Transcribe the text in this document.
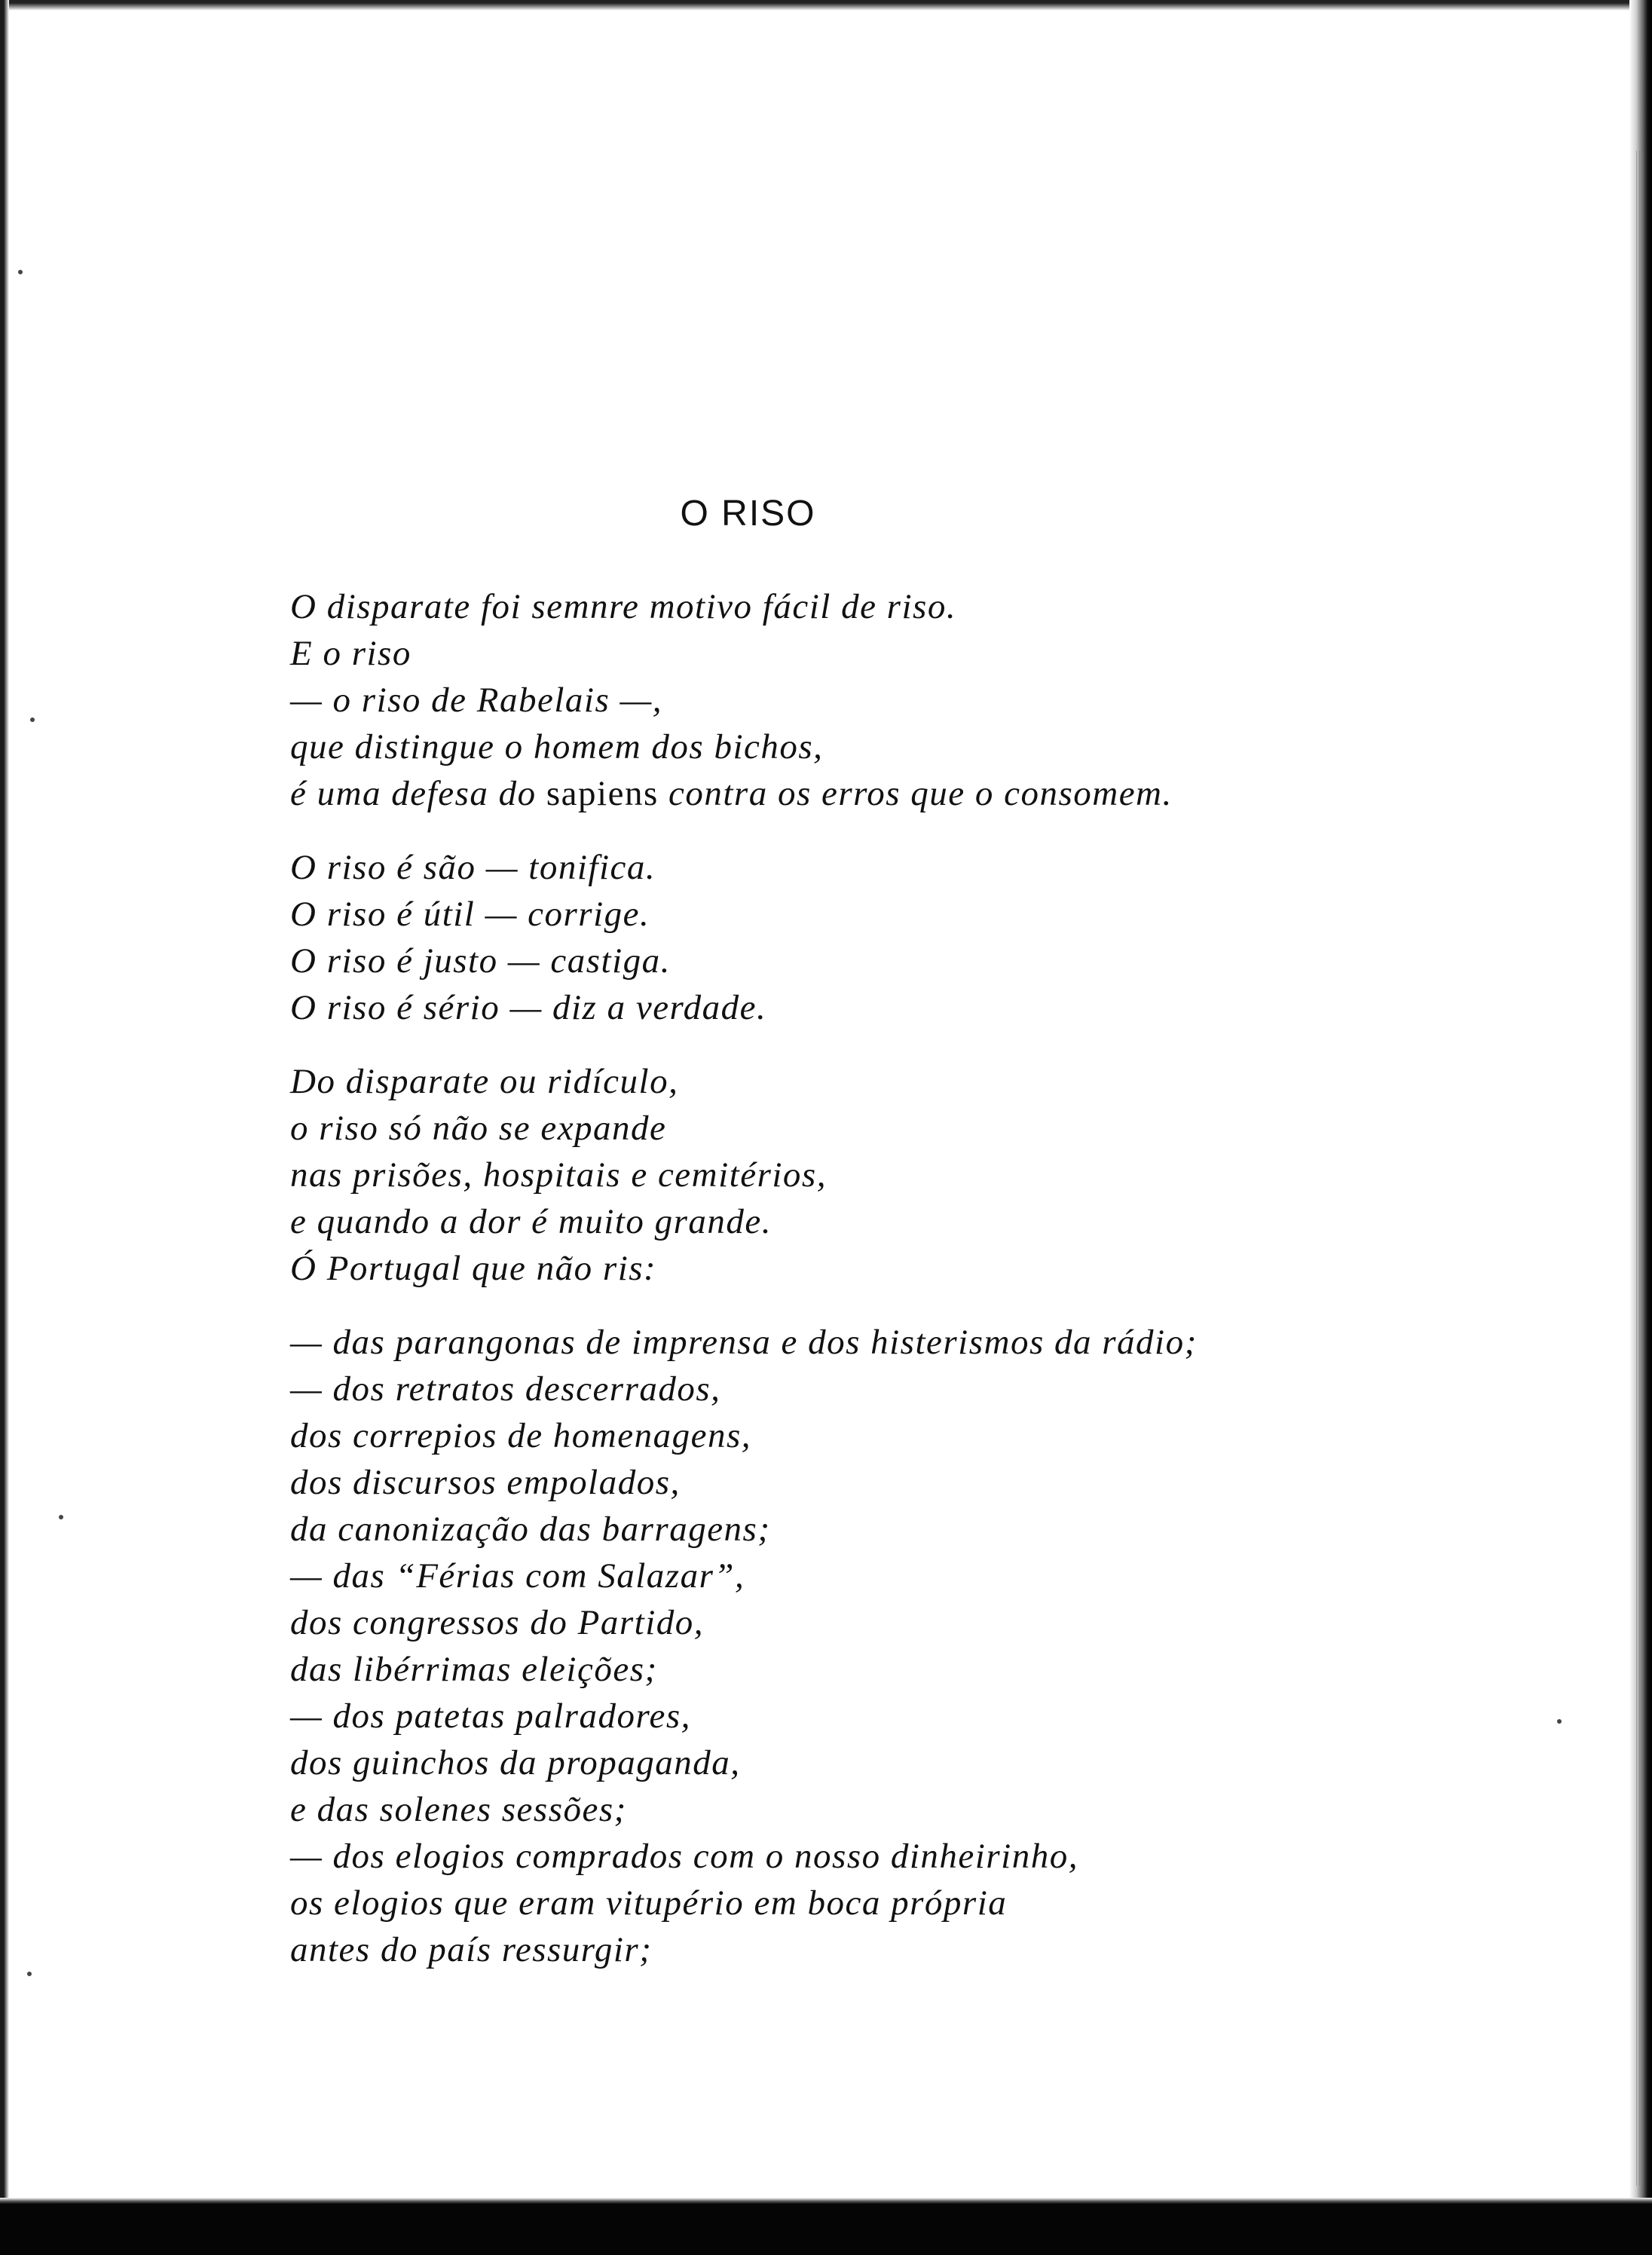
O RISO
O disparate foi semnre motivo fácil de riso.
E o riso
— o riso de Rabelais —,
que distingue o homem dos bichos,
é uma defesa do sapiens contra os erros que o consomem.
O riso é são — tonifica.
O riso é útil — corrige.
O riso é justo — castiga.
O riso é sério — diz a verdade.
Do disparate ou ridículo,
o riso só não se expande
nas prisões, hospitais e cemitérios,
e quando a dor é muito grande.
Ó Portugal que não ris:
— das parangonas de imprensa e dos histerismos da rádio;
— dos retratos descerrados,
dos correpios de homenagens,
dos discursos empolados,
da canonização das barragens;
— das “Férias com Salazar”,
dos congressos do Partido,
das libérrimas eleições;
— dos patetas palradores,
dos guinchos da propaganda,
e das solenes sessões;
— dos elogios comprados com o nosso dinheirinho,
os elogios que eram vitupério em boca própria
antes do país ressurgir;
